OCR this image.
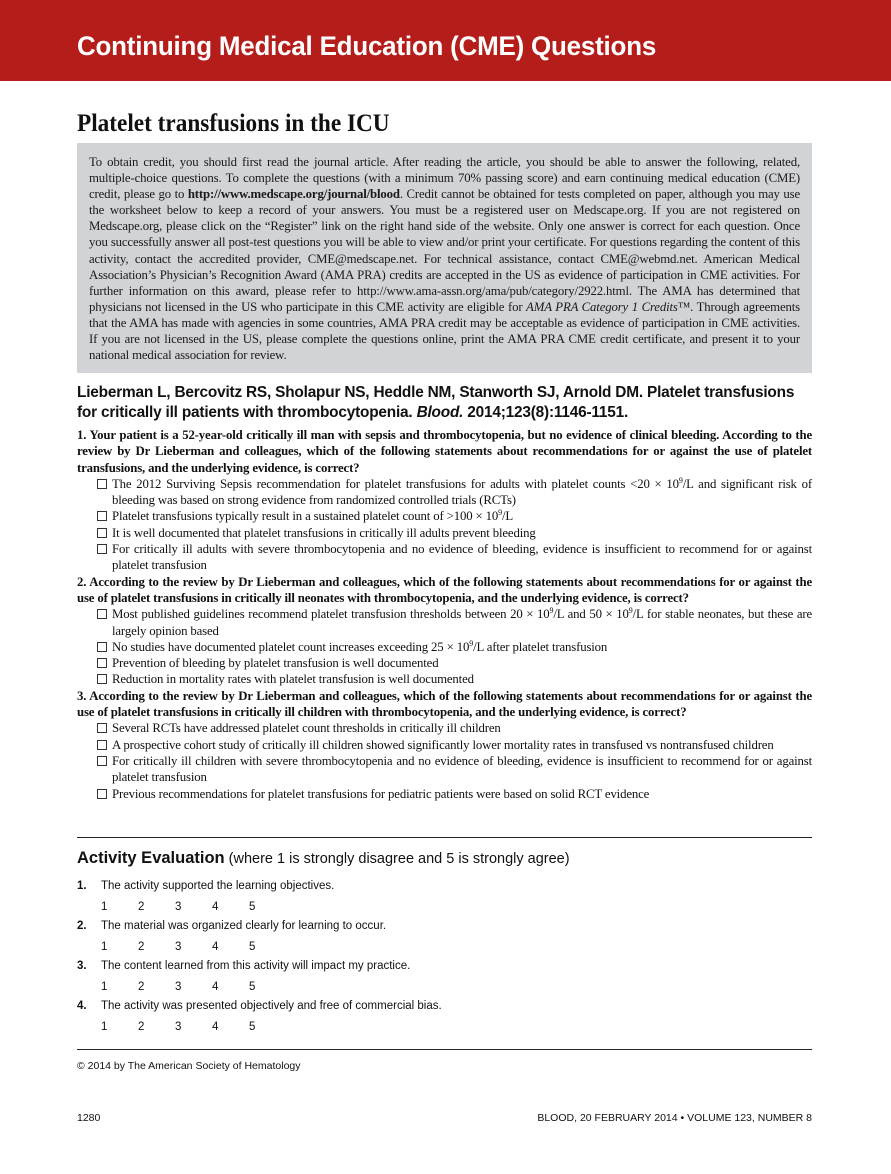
Continuing Medical Education (CME) Questions
Platelet transfusions in the ICU
To obtain credit, you should first read the journal article. After reading the article, you should be able to answer the following, related, multiple-choice questions. To complete the questions (with a minimum 70% passing score) and earn continuing medical education (CME) credit, please go to http://www.medscape.org/journal/blood. Credit cannot be obtained for tests completed on paper, although you may use the worksheet below to keep a record of your answers. You must be a registered user on Medscape.org. If you are not registered on Medscape.org, please click on the “Register” link on the right hand side of the website. Only one answer is correct for each question. Once you successfully answer all post-test questions you will be able to view and/or print your certificate. For questions regarding the content of this activity, contact the accredited provider, CME@medscape.net. For technical assistance, contact CME@webmd.net. American Medical Association’s Physician’s Recognition Award (AMA PRA) credits are accepted in the US as evidence of participation in CME activities. For further information on this award, please refer to http://www.ama-assn.org/ama/pub/category/2922.html. The AMA has determined that physicians not licensed in the US who participate in this CME activity are eligible for AMA PRA Category 1 Credits™. Through agreements that the AMA has made with agencies in some countries, AMA PRA credit may be acceptable as evidence of participation in CME activities. If you are not licensed in the US, please complete the questions online, print the AMA PRA CME credit certificate, and present it to your national medical association for review.
Lieberman L, Bercovitz RS, Sholapur NS, Heddle NM, Stanworth SJ, Arnold DM. Platelet transfusions for critically ill patients with thrombocytopenia. Blood. 2014;123(8):1146-1151.
1. Your patient is a 52-year-old critically ill man with sepsis and thrombocytopenia, but no evidence of clinical bleeding. According to the review by Dr Lieberman and colleagues, which of the following statements about recommendations for or against the use of platelet transfusions, and the underlying evidence, is correct?
The 2012 Surviving Sepsis recommendation for platelet transfusions for adults with platelet counts $<20 \times 10^9/L$ and significant risk of bleeding was based on strong evidence from randomized controlled trials (RCTs)
Platelet transfusions typically result in a sustained platelet count of $>100 \times 10^9/L$
It is well documented that platelet transfusions in critically ill adults prevent bleeding
For critically ill adults with severe thrombocytopenia and no evidence of bleeding, evidence is insufficient to recommend for or against platelet transfusion
2. According to the review by Dr Lieberman and colleagues, which of the following statements about recommendations for or against the use of platelet transfusions in critically ill neonates with thrombocytopenia, and the underlying evidence, is correct?
Most published guidelines recommend platelet transfusion thresholds between $20 \times 10^9/L$ and $50 \times 10^9/L$ for stable neonates, but these are largely opinion based
No studies have documented platelet count increases exceeding $25 \times 10^9/L$ after platelet transfusion
Prevention of bleeding by platelet transfusion is well documented
Reduction in mortality rates with platelet transfusion is well documented
3. According to the review by Dr Lieberman and colleagues, which of the following statements about recommendations for or against the use of platelet transfusions in critically ill children with thrombocytopenia, and the underlying evidence, is correct?
Several RCTs have addressed platelet count thresholds in critically ill children
A prospective cohort study of critically ill children showed significantly lower mortality rates in transfused vs nontransfused children
For critically ill children with severe thrombocytopenia and no evidence of bleeding, evidence is insufficient to recommend for or against platelet transfusion
Previous recommendations for platelet transfusions for pediatric patients were based on solid RCT evidence
Activity Evaluation (where 1 is strongly disagree and 5 is strongly agree)
1. The activity supported the learning objectives.
1	2	3	4	5
2. The material was organized clearly for learning to occur.
1	2	3	4	5
3. The content learned from this activity will impact my practice.
1	2	3	4	5
4. The activity was presented objectively and free of commercial bias.
1	2	3	4	5
© 2014 by The American Society of Hematology
1280	BLOOD, 20 FEBRUARY 2014 • VOLUME 123, NUMBER 8
